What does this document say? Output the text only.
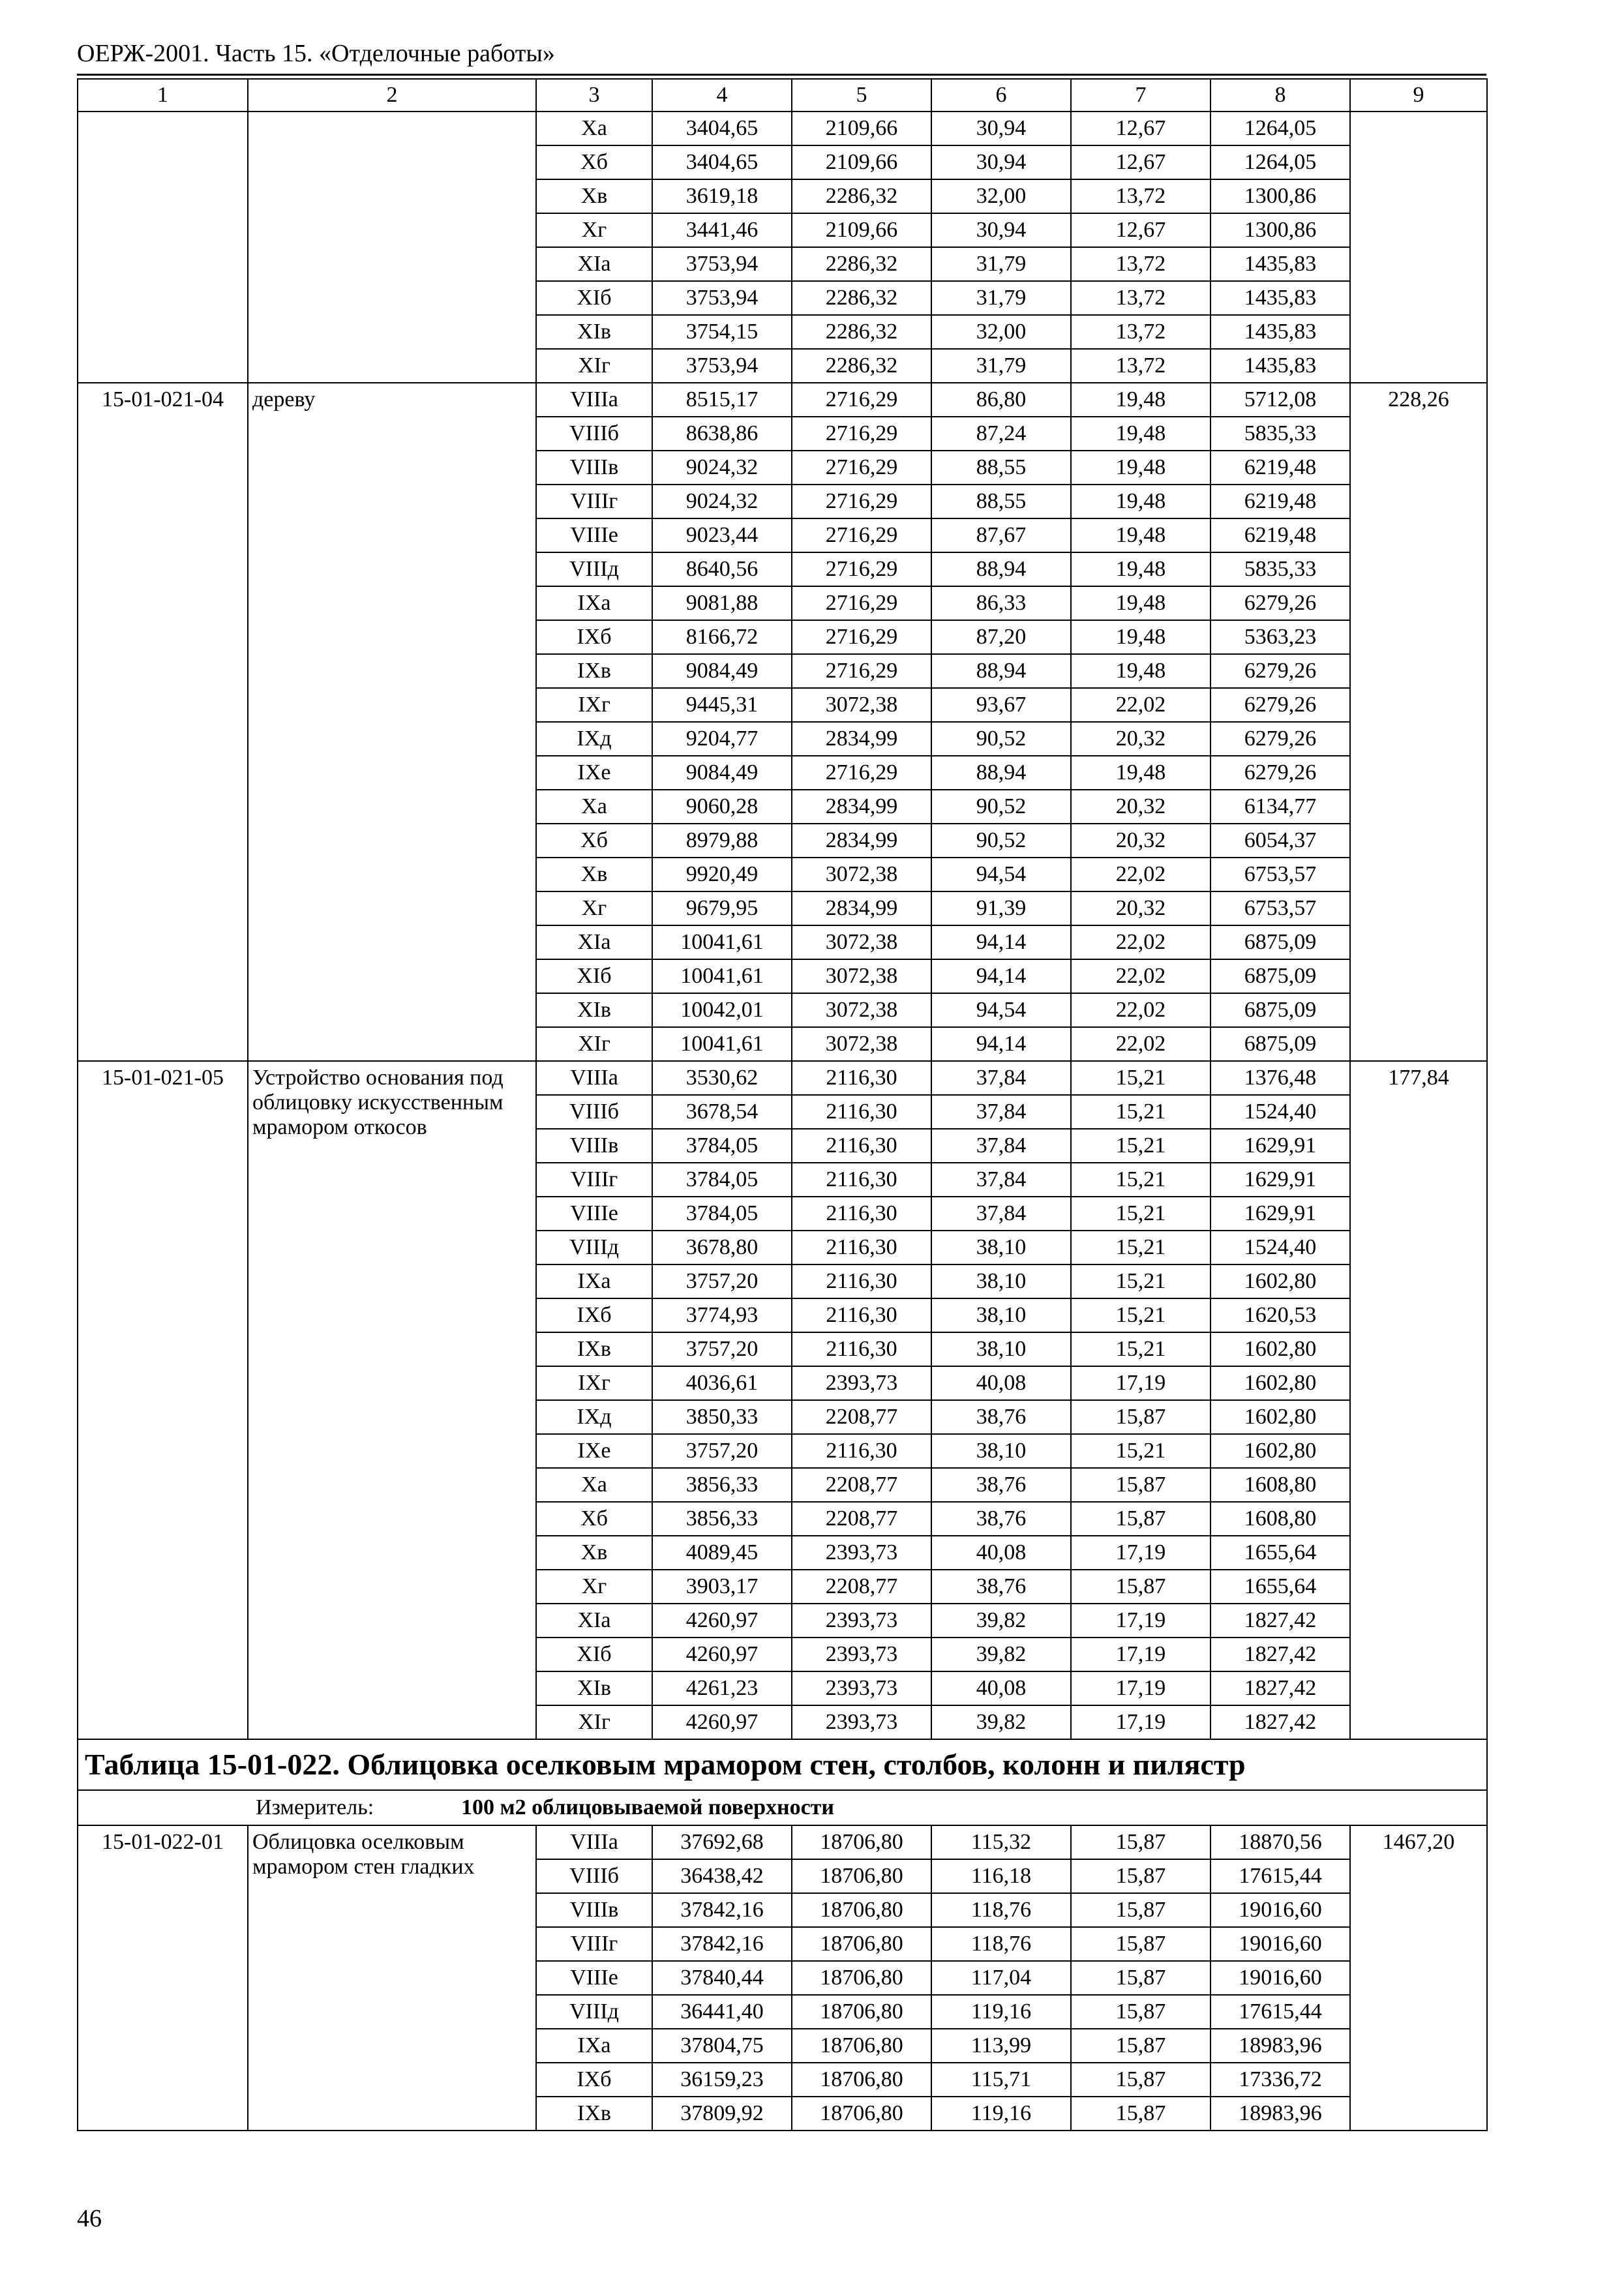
ОЕРЖ-2001. Часть 15. «Отделочные работы»
1	2	3	4	5	6	7	8	9
		Xa	3404,65	2109,66	30,94	12,67	1264,05	
		Xб	3404,65	2109,66	30,94	12,67	1264,05	
		Xв	3619,18	2286,32	32,00	13,72	1300,86	
		Xг	3441,46	2109,66	30,94	12,67	1300,86	
		XIa	3753,94	2286,32	31,79	13,72	1435,83	
		XIб	3753,94	2286,32	31,79	13,72	1435,83	
		XIв	3754,15	2286,32	32,00	13,72	1435,83	
		XIг	3753,94	2286,32	31,79	13,72	1435,83	
15-01-021-04	дереву	VIIIa	8515,17	2716,29	86,80	19,48	5712,08	228,26
		VIIIб	8638,86	2716,29	87,24	19,48	5835,33	
		VIIIв	9024,32	2716,29	88,55	19,48	6219,48	
		VIIIг	9024,32	2716,29	88,55	19,48	6219,48	
		VIIIe	9023,44	2716,29	87,67	19,48	6219,48	
		VIIIд	8640,56	2716,29	88,94	19,48	5835,33	
		IXa	9081,88	2716,29	86,33	19,48	6279,26	
		IXб	8166,72	2716,29	87,20	19,48	5363,23	
		IXв	9084,49	2716,29	88,94	19,48	6279,26	
		IXг	9445,31	3072,38	93,67	22,02	6279,26	
		IXд	9204,77	2834,99	90,52	20,32	6279,26	
		IXe	9084,49	2716,29	88,94	19,48	6279,26	
		Xa	9060,28	2834,99	90,52	20,32	6134,77	
		Xб	8979,88	2834,99	90,52	20,32	6054,37	
		Xв	9920,49	3072,38	94,54	22,02	6753,57	
		Xг	9679,95	2834,99	91,39	20,32	6753,57	
		XIa	10041,61	3072,38	94,14	22,02	6875,09	
		XIб	10041,61	3072,38	94,14	22,02	6875,09	
		XIв	10042,01	3072,38	94,54	22,02	6875,09	
		XIг	10041,61	3072,38	94,14	22,02	6875,09	
15-01-021-05	Устройство основания под облицовку искусственным мрамором откосов	VIIIa	3530,62	2116,30	37,84	15,21	1376,48	177,84
		VIIIб	3678,54	2116,30	37,84	15,21	1524,40	
		VIIIв	3784,05	2116,30	37,84	15,21	1629,91	
		VIIIг	3784,05	2116,30	37,84	15,21	1629,91	
		VIIIe	3784,05	2116,30	37,84	15,21	1629,91	
		VIIIд	3678,80	2116,30	38,10	15,21	1524,40	
		IXa	3757,20	2116,30	38,10	15,21	1602,80	
		IXб	3774,93	2116,30	38,10	15,21	1620,53	
		IXв	3757,20	2116,30	38,10	15,21	1602,80	
		IXг	4036,61	2393,73	40,08	17,19	1602,80	
		IXд	3850,33	2208,77	38,76	15,87	1602,80	
		IXe	3757,20	2116,30	38,10	15,21	1602,80	
		Xa	3856,33	2208,77	38,76	15,87	1608,80	
		Xб	3856,33	2208,77	38,76	15,87	1608,80	
		Xв	4089,45	2393,73	40,08	17,19	1655,64	
		Xг	3903,17	2208,77	38,76	15,87	1655,64	
		XIa	4260,97	2393,73	39,82	17,19	1827,42	
		XIб	4260,97	2393,73	39,82	17,19	1827,42	
		XIв	4261,23	2393,73	40,08	17,19	1827,42	
		XIг	4260,97	2393,73	39,82	17,19	1827,42	
Таблица 15-01-022. Облицовка оселковым мрамором стен, столбов, колонн и пилястр								
Измеритель: 100 м2 облицовываемой поверхности								
15-01-022-01	Облицовка оселковым мрамором стен гладких	VIIIa	37692,68	18706,80	115,32	15,87	18870,56	1467,20
		VIIIб	36438,42	18706,80	116,18	15,87	17615,44	
		VIIIв	37842,16	18706,80	118,76	15,87	19016,60	
		VIIIг	37842,16	18706,80	118,76	15,87	19016,60	
		VIIIe	37840,44	18706,80	117,04	15,87	19016,60	
		VIIIд	36441,40	18706,80	119,16	15,87	17615,44	
		IXa	37804,75	18706,80	113,99	15,87	18983,96	
		IXб	36159,23	18706,80	115,71	15,87	17336,72	
		IXв	37809,92	18706,80	119,16	15,87	18983,96	
46
